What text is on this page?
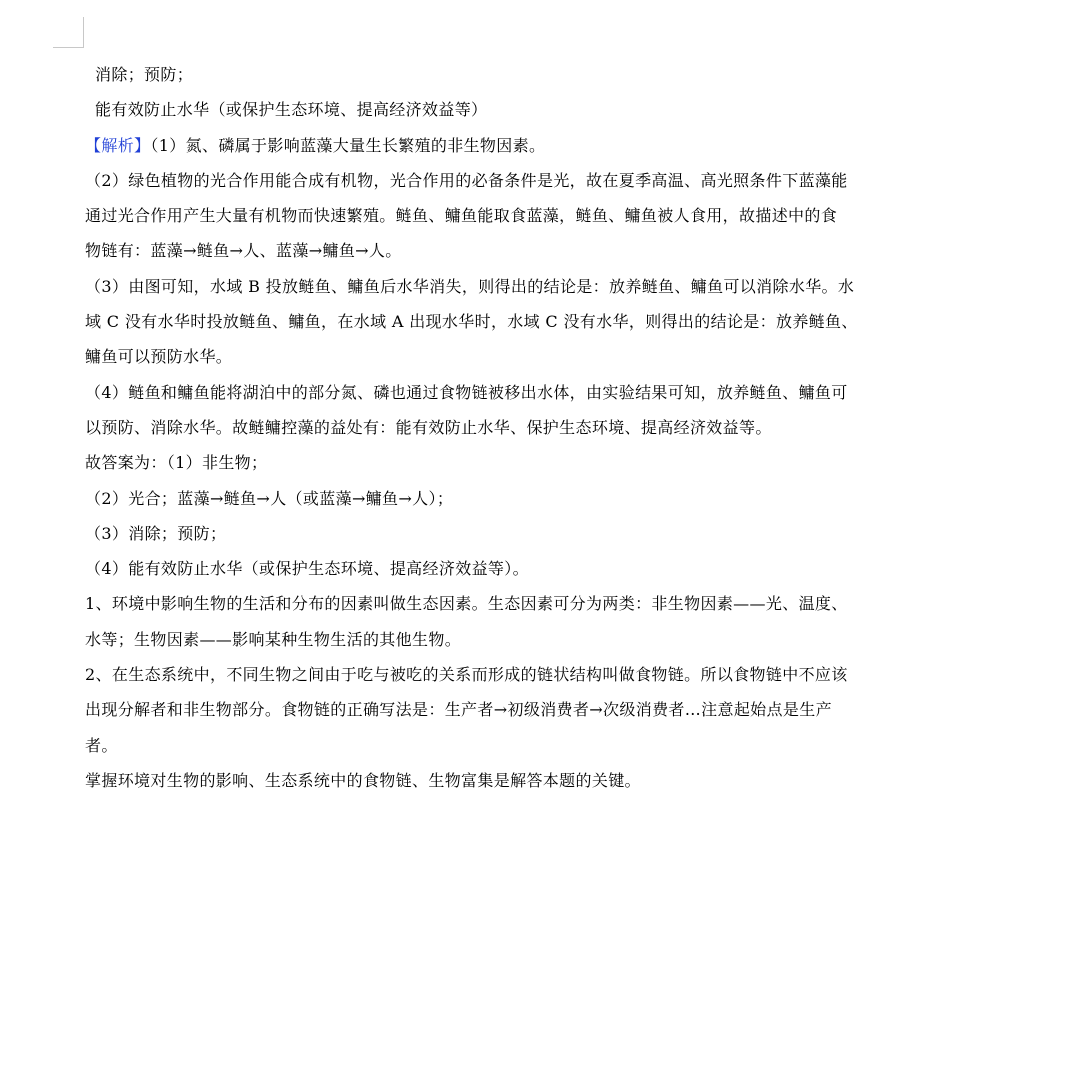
消除；预防；
能有效防止水华（或保护生态环境、提高经济效益等）
【解析】（1）氮、磷属于影响蓝藻大量生长繁殖的非生物因素。
（2）绿色植物的光合作用能合成有机物，光合作用的必备条件是光，故在夏季高温、高光照条件下蓝藻能
通过光合作用产生大量有机物而快速繁殖。鲢鱼、鳙鱼能取食蓝藻，鲢鱼、鳙鱼被人食用，故描述中的食
物链有：蓝藻→鲢鱼→人、蓝藻→鳙鱼→人。
（3）由图可知，水域 B 投放鲢鱼、鳙鱼后水华消失，则得出的结论是：放养鲢鱼、鳙鱼可以消除水华。水
域 C 没有水华时投放鲢鱼、鳙鱼，在水域 A 出现水华时，水域 C 没有水华，则得出的结论是：放养鲢鱼、
鳙鱼可以预防水华。
（4）鲢鱼和鳙鱼能将湖泊中的部分氮、磷也通过食物链被移出水体，由实验结果可知，放养鲢鱼、鳙鱼可
以预防、消除水华。故鲢鳙控藻的益处有：能有效防止水华、保护生态环境、提高经济效益等。
故答案为：（1）非生物；
（2）光合；蓝藻→鲢鱼→人（或蓝藻→鳙鱼→人）；
（3）消除；预防；
（4）能有效防止水华（或保护生态环境、提高经济效益等）。
1、环境中影响生物的生活和分布的因素叫做生态因素。生态因素可分为两类：非生物因素——光、温度、
水等；生物因素——影响某种生物生活的其他生物。
2、在生态系统中，不同生物之间由于吃与被吃的关系而形成的链状结构叫做食物链。所以食物链中不应该
出现分解者和非生物部分。食物链的正确写法是：生产者→初级消费者→次级消费者…注意起始点是生产
者。
掌握环境对生物的影响、生态系统中的食物链、生物富集是解答本题的关键。
